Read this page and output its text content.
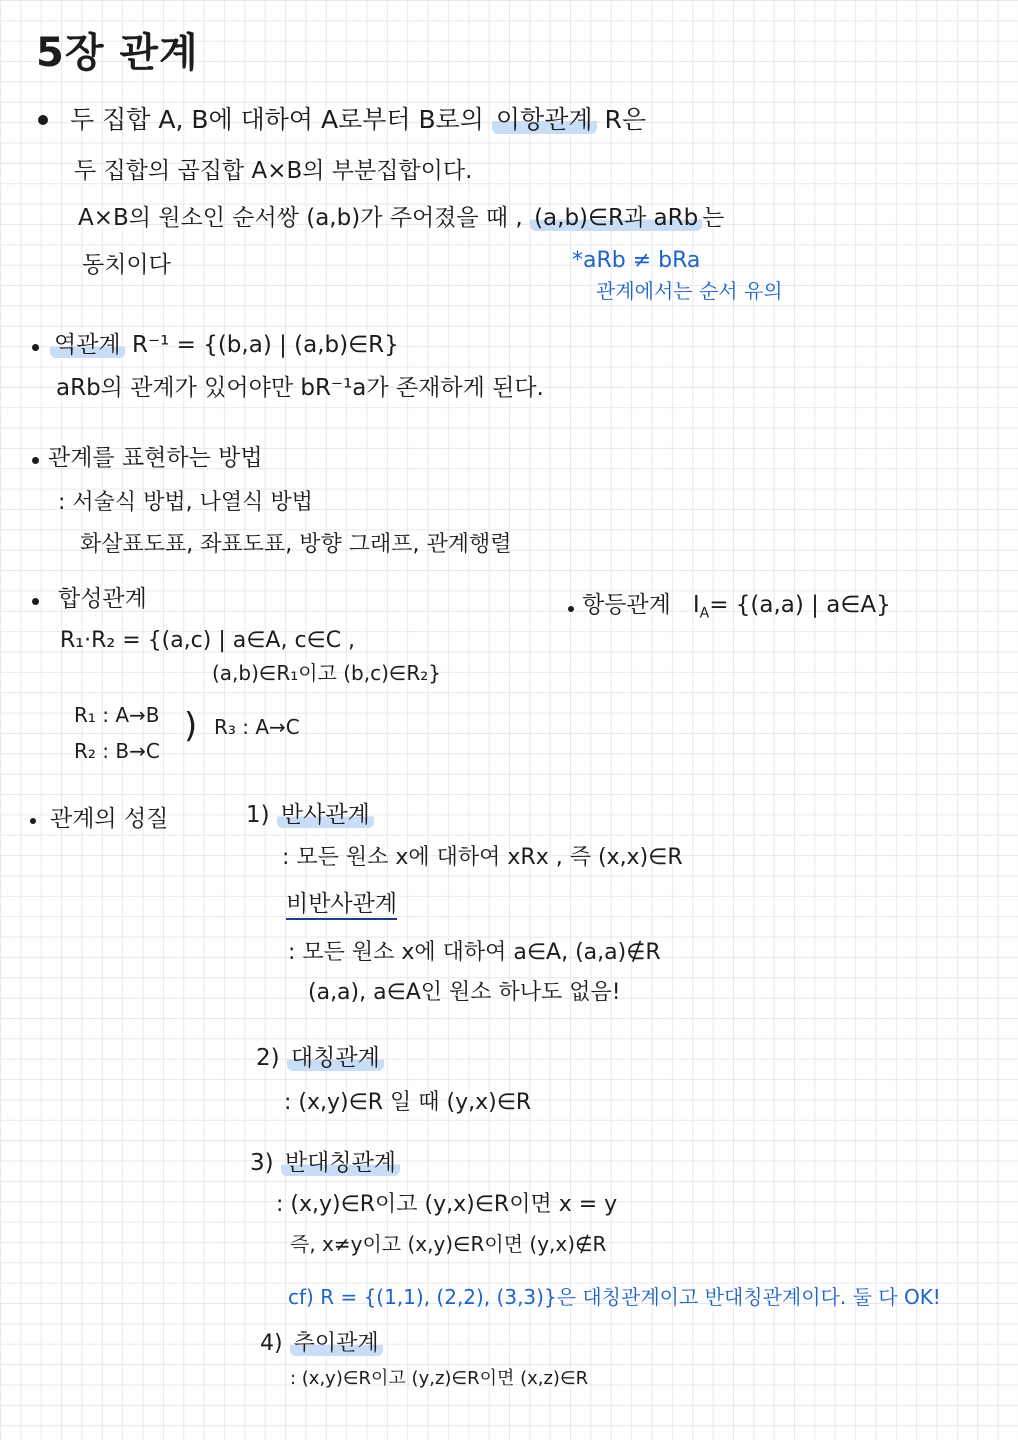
5장 관계
두 집합 A, B에 대하여 A로부터 B로의 이항관계 R은
두 집합의 곱집합 A×B의 부분집합이다.
A×B의 원소인 순서쌍 (a,b)가 주어졌을 때 , (a,b)∈R과 aRb 는
동치이다	*aRb ≠ bRa
관계에서는 순서 유의
역관계 R⁻¹ = {(b,a) | (a,b)∈R}
aRb의 관계가 있어야만 bR⁻¹a가 존재하게 된다.
관계를 표현하는 방법
: 서술식 방법, 나열식 방법
화살표도표, 좌표도표, 방향 그래프, 관계행렬
합성관계
R₁·R₂ = {(a,c) | a∈A, c∈C ,
(a,b)∈R₁이고 (b,c)∈R₂}
R₁ : A→B
R₂ : B→C
) R₃ : A→C
항등관계 $I_A= \{(a,a)$ | a∈A}
관계의 성질	1) 반사관계
: 모든 원소 x에 대하여 xRx , 즉 (x,x)∈R
비반사관계
: 모든 원소 x에 대하여 a∈A, (a,a)∉R
(a,a), a∈A인 원소 하나도 없음!
2) 대칭관계
: (x,y)∈R 일 때 (y,x)∈R
3) 반대칭관계
: (x,y)∈R이고 (y,x)∈R이면 x = y
즉, x≠y이고 (x,y)∈R이면 (y,x)∉R
cf) R = {(1,1), (2,2), (3,3)}은 대칭관계이고 반대칭관계이다. 둘 다 OK!
4) 추이관계
: (x,y)∈R이고 (y,z)∈R이면 (x,z)∈R
